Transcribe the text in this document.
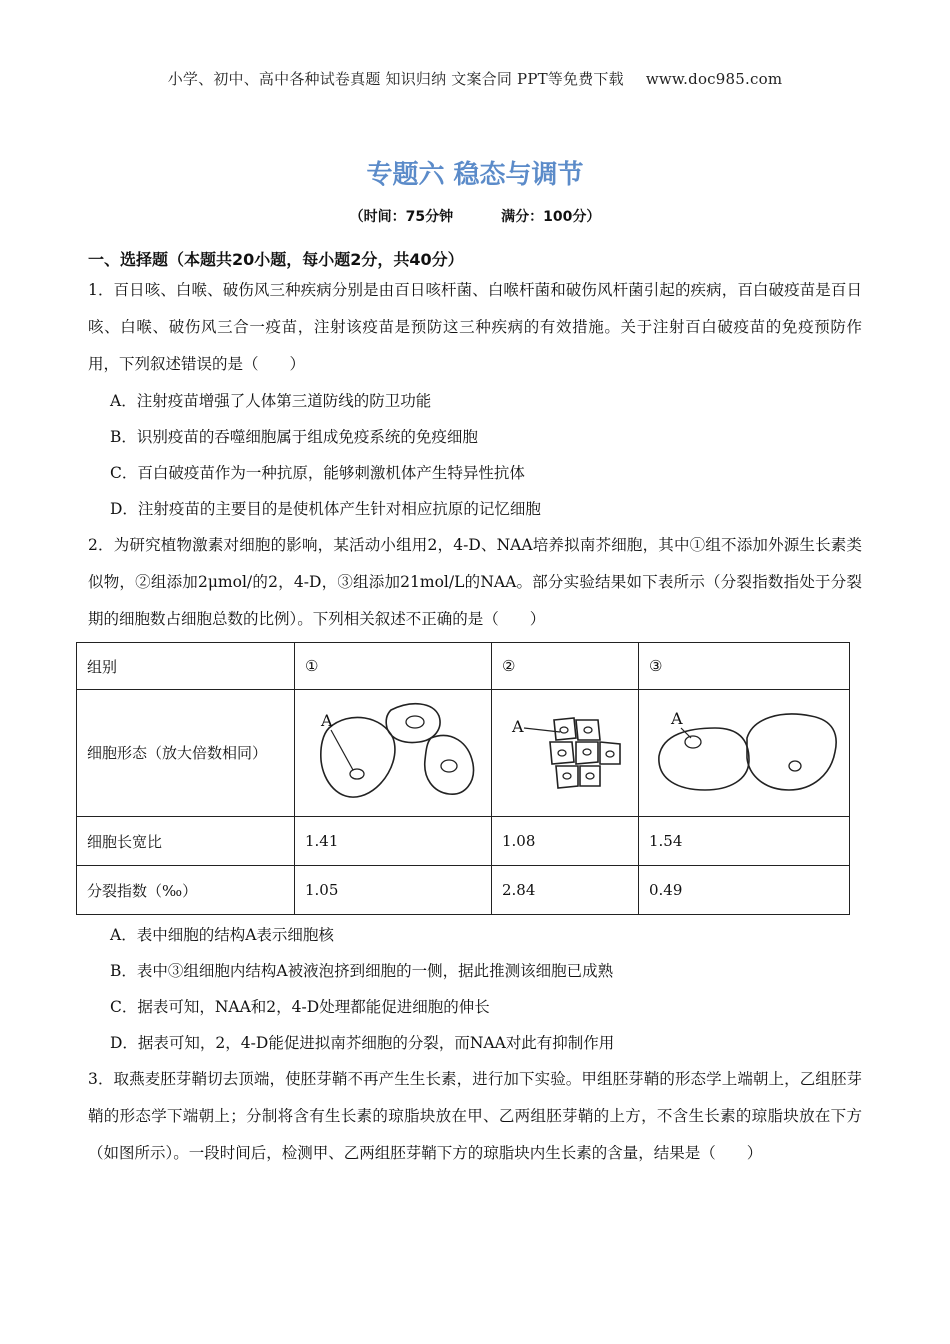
小学、初中、高中各种试卷真题 知识归纳 文案合同 PPT等免费下载 www.doc985.com
专题六 稳态与调节
（时间：75分钟	满分：100分）
一、选择题（本题共20小题，每小题2分，共40分）
1．百日咳、白喉、破伤风三种疾病分别是由百日咳杆菌、白喉杆菌和破伤风杆菌引起的疾病，百白破疫苗是百日咳、白喉、破伤风三合一疫苗，注射该疫苗是预防这三种疾病的有效措施。关于注射百白破疫苗的免疫预防作用，下列叙述错误的是（　　）
A．注射疫苗增强了人体第三道防线的防卫功能
B．识别疫苗的吞噬细胞属于组成免疫系统的免疫细胞
C．百白破疫苗作为一种抗原，能够刺激机体产生特异性抗体
D．注射疫苗的主要目的是使机体产生针对相应抗原的记忆细胞
2．为研究植物激素对细胞的影响，某活动小组用2，4-D、NAA培养拟南芥细胞，其中①组不添加外源生长素类似物，②组添加2μmol/的2，4-D，③组添加21mol/L的NAA。部分实验结果如下表所示（分裂指数指处于分裂期的细胞数占细胞总数的比例）。下列相关叙述不正确的是（　　）
组别	①	②	③

细胞形态（放大倍数相同）	A	A	A

细胞长宽比	1.41	1.08	1.54
分裂指数（‰）	1.05	2.84	0.49
A．表中细胞的结构A表示细胞核
B．表中③组细胞内结构A被液泡挤到细胞的一侧，据此推测该细胞已成熟
C．据表可知，NAA和2，4-D处理都能促进细胞的伸长
D．据表可知，2，4-D能促进拟南芥细胞的分裂，而NAA对此有抑制作用
3．取燕麦胚芽鞘切去顶端，使胚芽鞘不再产生生长素，进行加下实验。甲组胚芽鞘的形态学上端朝上，乙组胚芽鞘的形态学下端朝上；分制将含有生长素的琼脂块放在甲、乙两组胚芽鞘的上方，不含生长素的琼脂块放在下方（如图所示）。一段时间后，检测甲、乙两组胚芽鞘下方的琼脂块内生长素的含量，结果是（　　）
